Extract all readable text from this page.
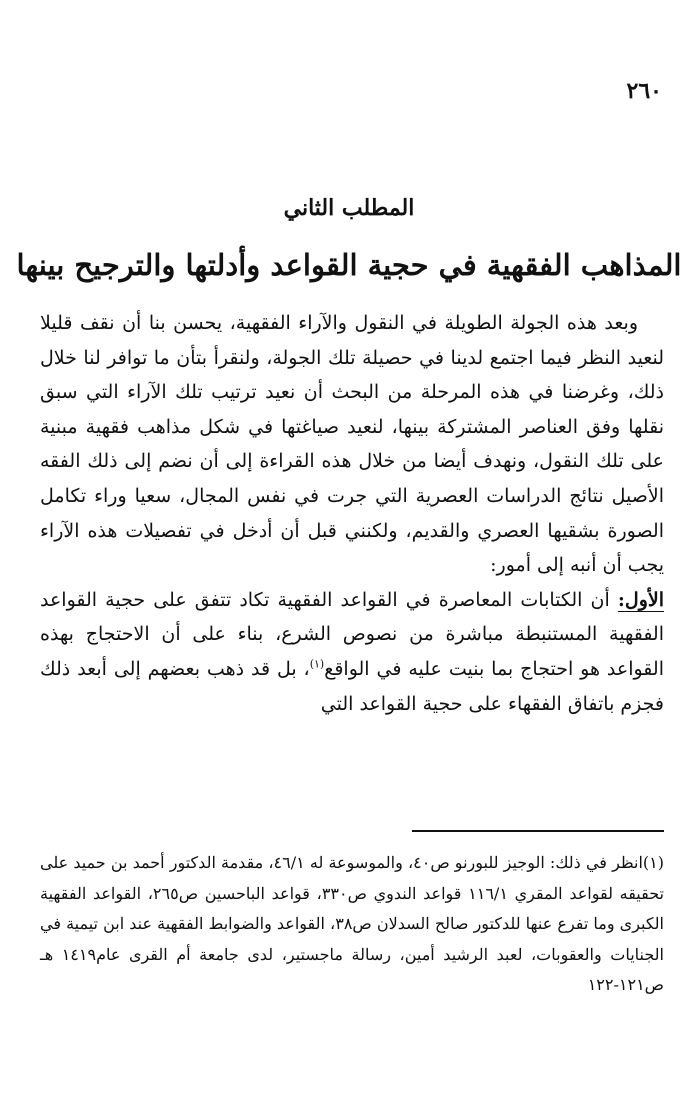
٢٦٠
المطلب الثاني
المذاهب الفقهية في حجية القواعد وأدلتها والترجيح بينها

وبعد هذه الجولة الطويلة في النقول والآراء الفقهية، يحسن بنا أن نقف قليلا لنعيد النظر فيما اجتمع لدينا في حصيلة تلك الجولة، ولنقرأ بتأن ما توافر لنا خلال ذلك، وغرضنا في هذه المرحلة من البحث أن نعيد ترتيب تلك الآراء التي سبق نقلها وفق العناصر المشتركة بينها، لنعيد صياغتها في شكل مذاهب فقهية مبنية على تلك النقول، ونهدف أيضا من خلال هذه القراءة إلى أن نضم إلى ذلك الفقه الأصيل نتائج الدراسات العصرية التي جرت في نفس المجال، سعيا وراء تكامل الصورة بشقيها العصري والقديم، ولكنني قبل أن أدخل في تفصيلات هذه الآراء يجب أن أنبه إلى أمور:

الأول: أن الكتابات المعاصرة في القواعد الفقهية تكاد تتفق على حجية القواعد الفقهية المستنبطة مباشرة من نصوص الشرع، بناء على أن الاحتجاج بهذه القواعد هو احتجاج بما بنيت عليه في الواقع$^{(١)}$، بل قد ذهب بعضهم إلى أبعد ذلك فجزم باتفاق الفقهاء على حجية القواعد التي

(١)انظر في ذلك: الوجيز للبورنو ص٤٠، والموسوعة له ٤٦/١، مقدمة الدكتور أحمد بن حميد على تحقيقه لقواعد المقري ١١٦/١ قواعد الندوي ص٣٣٠، قواعد الباحسين ص٢٦٥، القواعد الفقهية الكبرى وما تفرع عنها للدكتور صالح السدلان ص٣٨، القواعد والضوابط الفقهية عند ابن تيمية في الجنايات والعقوبات، لعبد الرشيد أمين، رسالة ماجستير، لدى جامعة أم القرى عام١٤١٩ هـ ص١٢١-١٢٢
